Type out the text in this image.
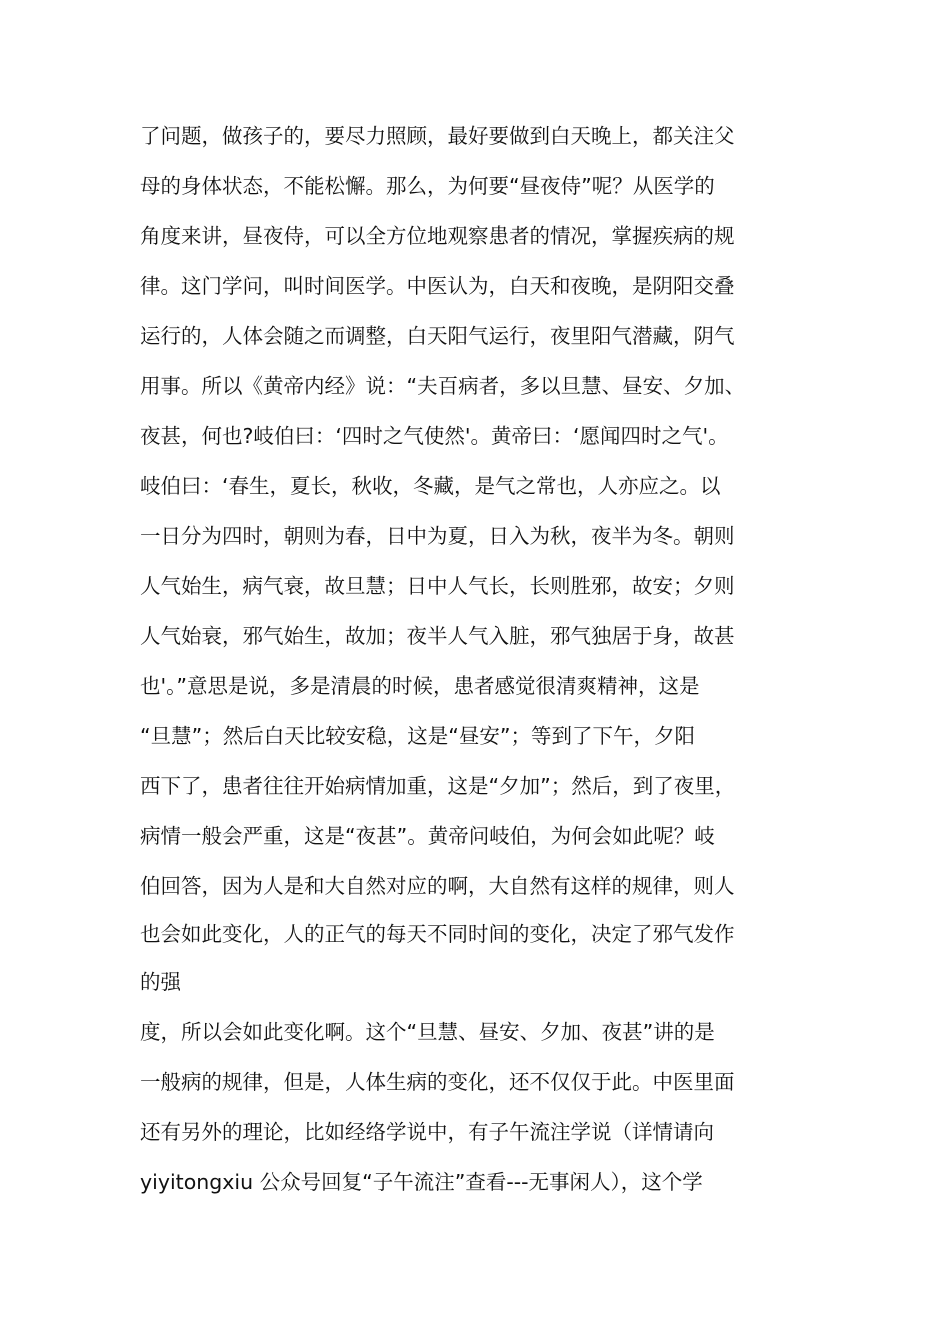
了问题，做孩子的，要尽力照顾，最好要做到白天晚上，都关注父
母的身体状态，不能松懈。那么，为何要“昼夜侍”呢？从医学的
角度来讲，昼夜侍，可以全方位地观察患者的情况，掌握疾病的规
律。这门学问，叫时间医学。中医认为，白天和夜晚，是阴阳交叠
运行的，人体会随之而调整，白天阳气运行，夜里阳气潜藏，阴气
用事。所以《黄帝内经》说：“夫百病者，多以旦慧、昼安、夕加、
夜甚，何也?岐伯曰：‘四时之气使然'。黄帝曰：‘愿闻四时之气'。
岐伯曰：‘春生，夏长，秋收，冬藏，是气之常也，人亦应之。以
一日分为四时，朝则为春，日中为夏，日入为秋，夜半为冬。朝则
人气始生，病气衰，故旦慧；日中人气长，长则胜邪，故安；夕则
人气始衰，邪气始生，故加；夜半人气入脏，邪气独居于身，故甚
也'。”意思是说，多是清晨的时候，患者感觉很清爽精神，这是
“旦慧”；然后白天比较安稳，这是“昼安”；等到了下午，夕阳
西下了，患者往往开始病情加重，这是“夕加”；然后，到了夜里，
病情一般会严重，这是“夜甚”。黄帝问岐伯，为何会如此呢？岐
伯回答，因为人是和大自然对应的啊，大自然有这样的规律，则人
也会如此变化，人的正气的每天不同时间的变化，决定了邪气发作
的强
度，所以会如此变化啊。这个“旦慧、昼安、夕加、夜甚”讲的是
一般病的规律，但是，人体生病的变化，还不仅仅于此。中医里面
还有另外的理论，比如经络学说中，有子午流注学说（详情请向
yiyitongxiu 公众号回复“子午流注”查看---无事闲人），这个学
